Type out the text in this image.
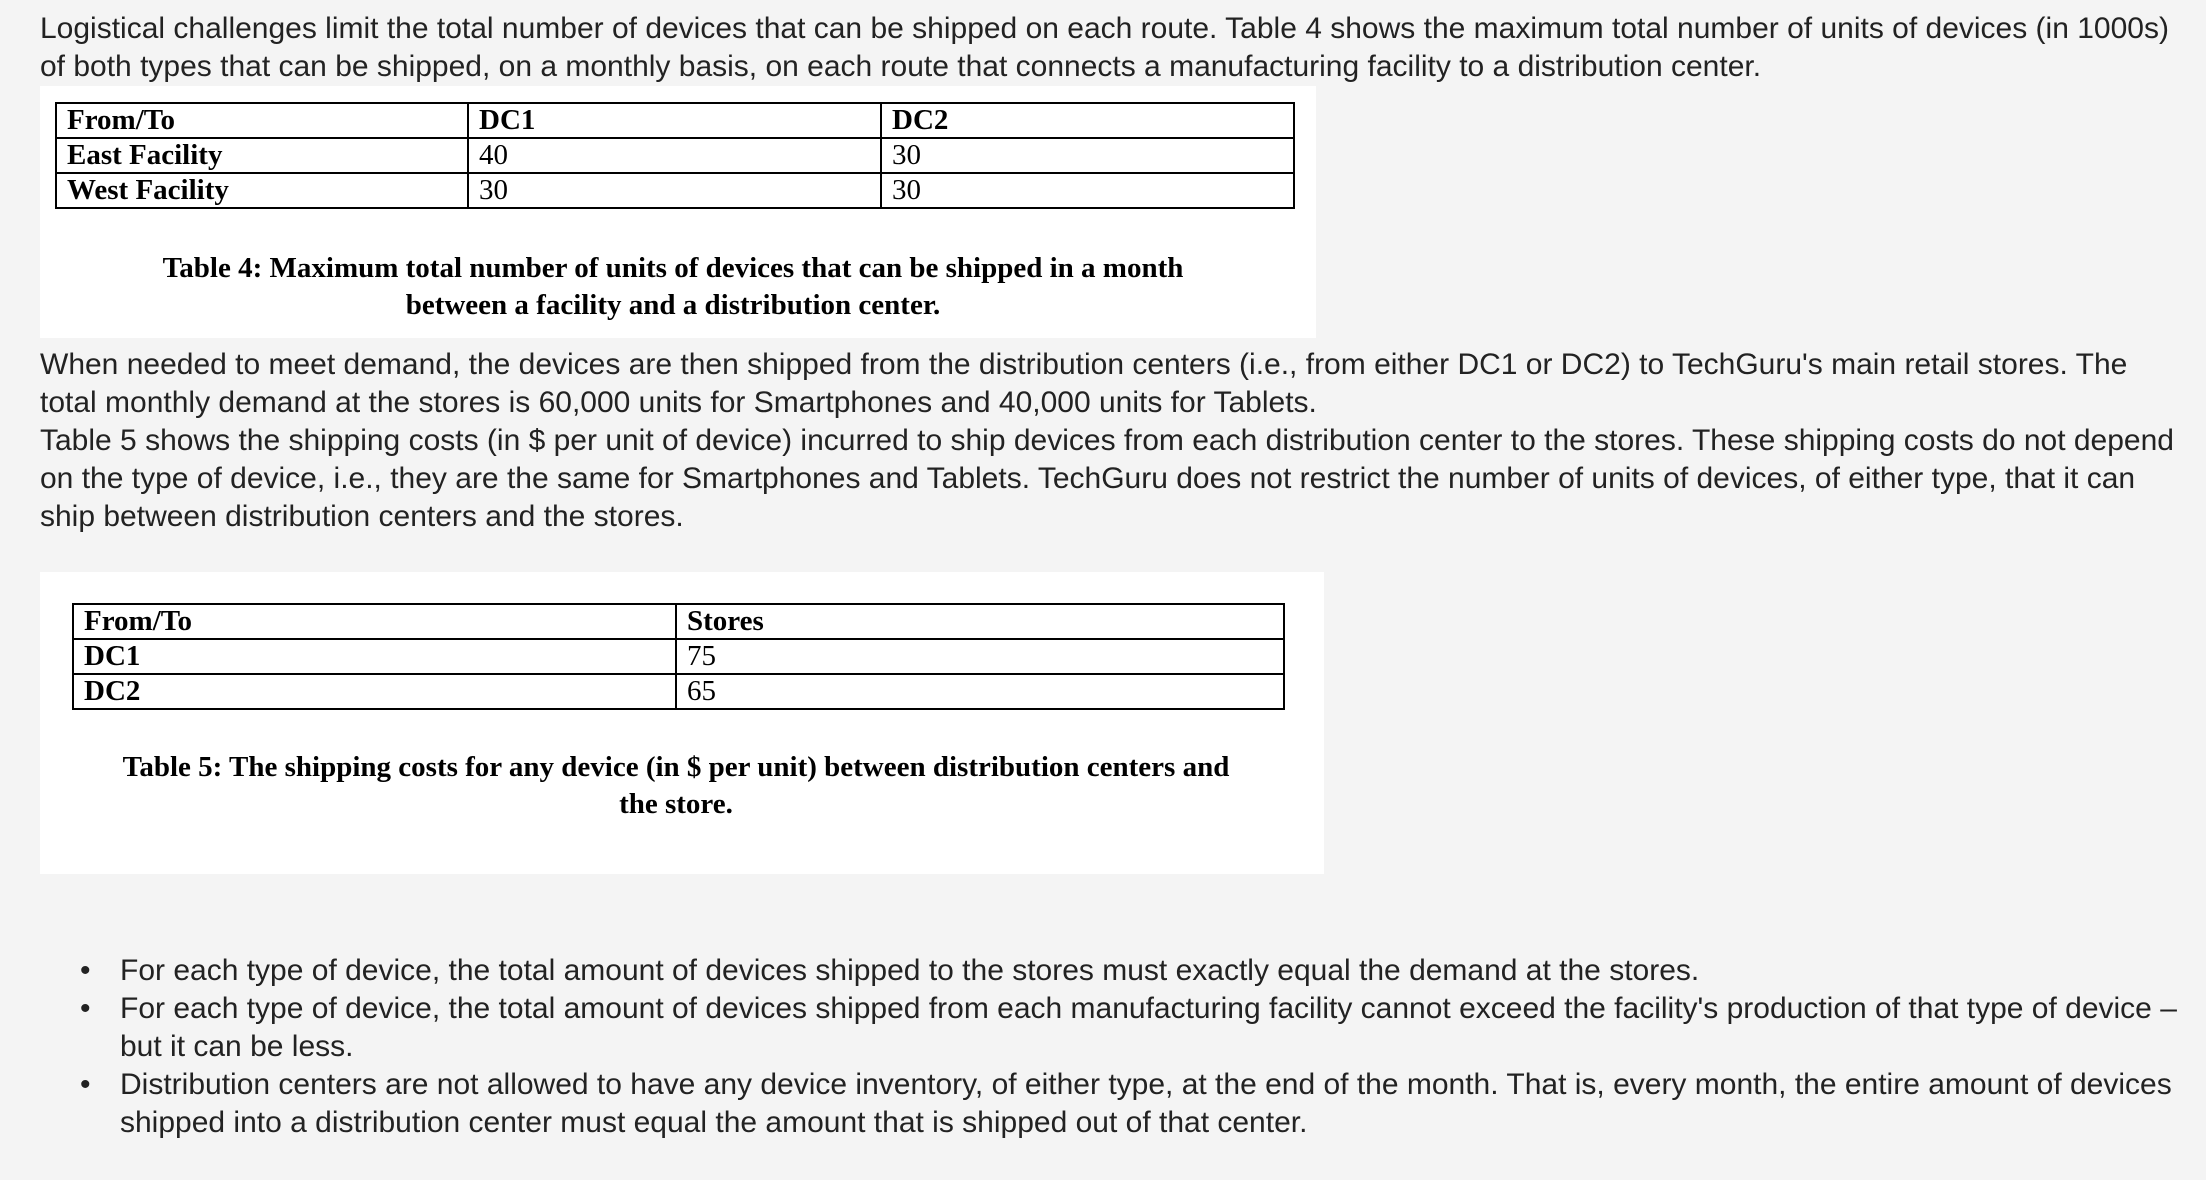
Logistical challenges limit the total number of devices that can be shipped on each route. Table 4 shows the maximum total number of units of devices (in 1000s) of both types that can be shipped, on a monthly basis, on each route that connects a manufacturing facility to a distribution center.

From/To	DC1	DC2
East Facility	40	30
West Facility	30	30
Table 4: Maximum total number of units of devices that can be shipped in a month
between a facility and a distribution center.

When needed to meet demand, the devices are then shipped from the distribution centers (i.e., from either DC1 or DC2) to TechGuru's main retail stores. The total monthly demand at the stores is 60,000 units for Smartphones and 40,000 units for Tablets.

Table 5 shows the shipping costs (in $ per unit of device) incurred to ship devices from each distribution center to the stores. These shipping costs do not depend on the type of device, i.e., they are the same for Smartphones and Tablets. TechGuru does not restrict the number of units of devices, of either type, that it can ship between distribution centers and the stores.

From/To	Stores
DC1	75
DC2	65
Table 5: The shipping costs for any device (in $ per unit) between distribution centers and
the store.
• For each type of device, the total amount of devices shipped to the stores must exactly equal the demand at the stores.
• For each type of device, the total amount of devices shipped from each manufacturing facility cannot exceed the facility's production of that type of device – but it can be less.
• Distribution centers are not allowed to have any device inventory, of either type, at the end of the month. That is, every month, the entire amount of devices shipped into a distribution center must equal the amount that is shipped out of that center.
